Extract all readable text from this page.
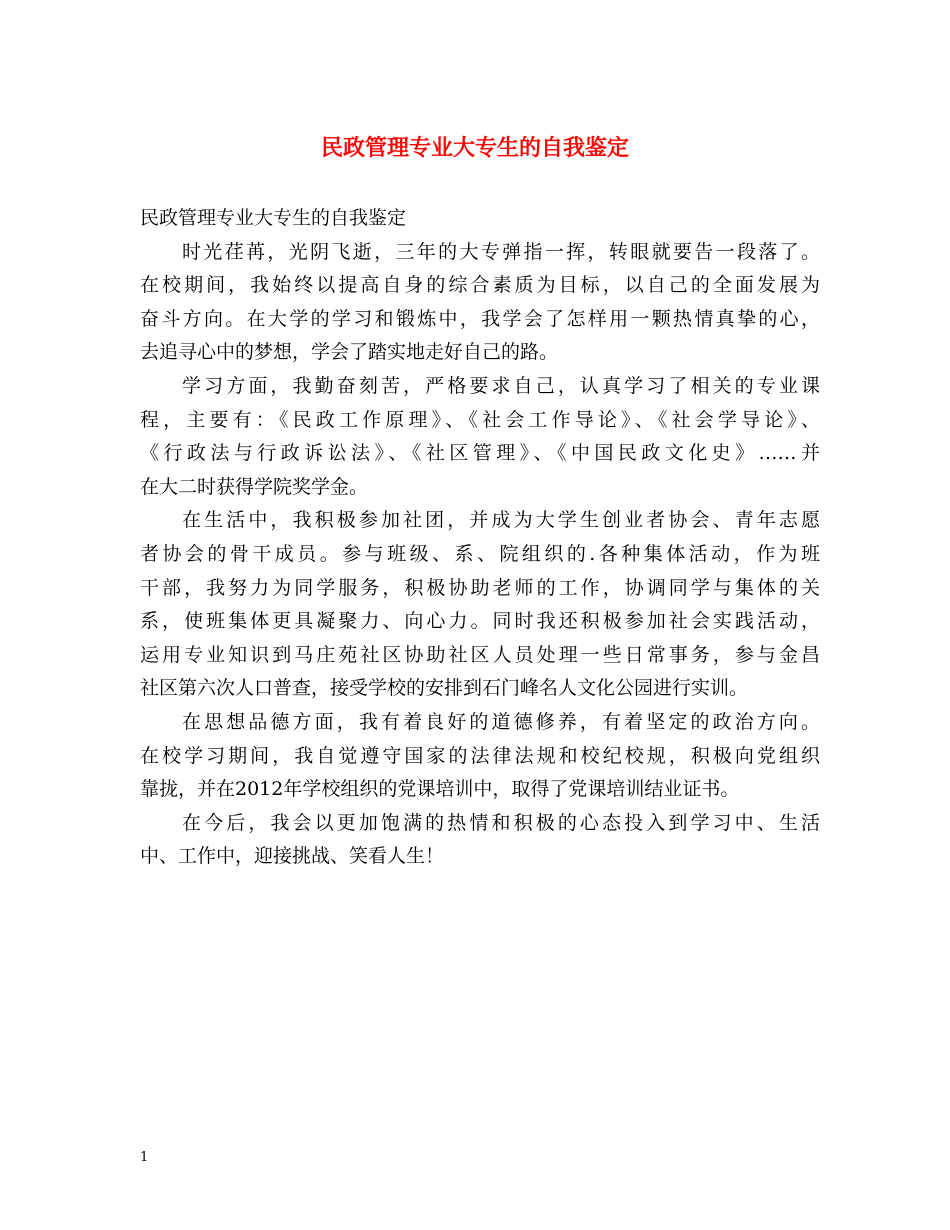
民政管理专业大专生的自我鉴定

民政管理专业大专生的自我鉴定

时光荏苒，光阴飞逝，三年的大专弹指一挥，转眼就要告一段落了。
在校期间，我始终以提高自身的综合素质为目标，以自己的全面发展为
奋斗方向。在大学的学习和锻炼中，我学会了怎样用一颗热情真挚的心，
去追寻心中的梦想，学会了踏实地走好自己的路。

学习方面，我勤奋刻苦，严格要求自己，认真学习了相关的专业课
程，主要有：《民政工作原理》、《社会工作导论》、《社会学导论》、
《行政法与行政诉讼法》、《社区管理》、《中国民政文化史》……并
在大二时获得学院奖学金。

在生活中，我积极参加社团，并成为大学生创业者协会、青年志愿
者协会的骨干成员。参与班级、系、院组织的.各种集体活动，作为班
干部，我努力为同学服务，积极协助老师的工作，协调同学与集体的关
系，使班集体更具凝聚力、向心力。同时我还积极参加社会实践活动，
运用专业知识到马庄苑社区协助社区人员处理一些日常事务，参与金昌
社区第六次人口普查，接受学校的安排到石门峰名人文化公园进行实训。

在思想品德方面，我有着良好的道德修养，有着坚定的政治方向。
在校学习期间，我自觉遵守国家的法律法规和校纪校规，积极向党组织
靠拢，并在2012年学校组织的党课培训中，取得了党课培训结业证书。

在今后，我会以更加饱满的热情和积极的心态投入到学习中、生活
中、工作中，迎接挑战、笑看人生！

1
